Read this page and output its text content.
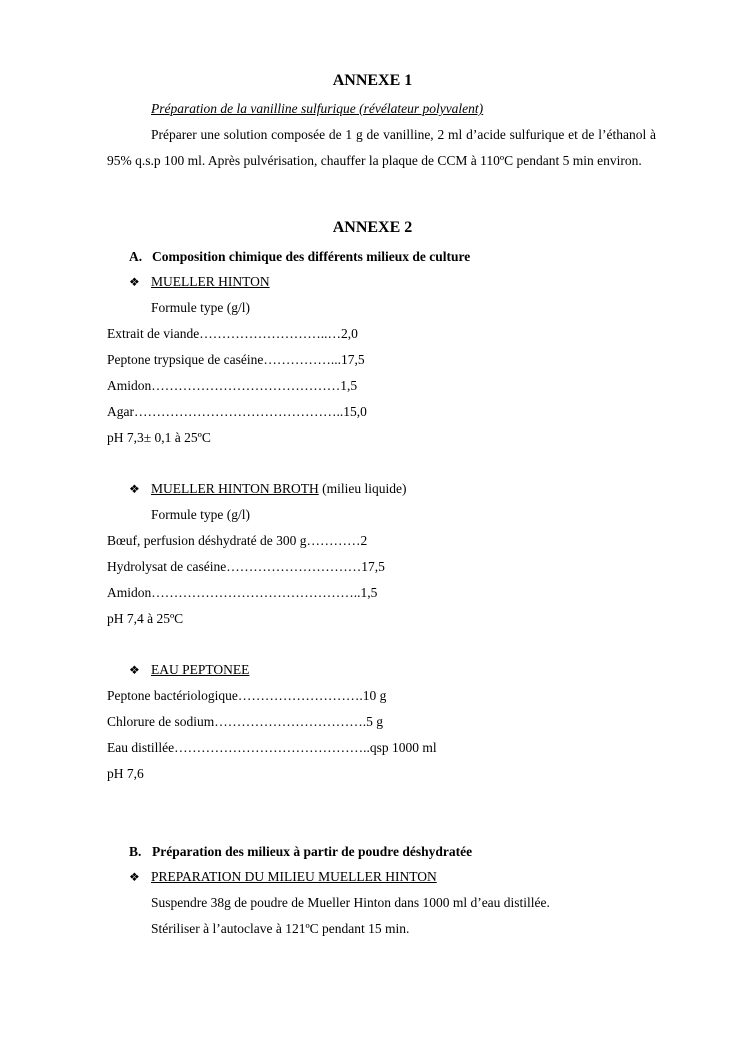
ANNEXE 1
Préparation de la vanilline sulfurique (révélateur polyvalent)
Préparer une solution composée de 1 g de vanilline, 2 ml d’acide sulfurique et de l’éthanol à 95% q.s.p 100 ml. Après pulvérisation, chauffer la plaque de CCM à 110ºC pendant 5 min environ.
ANNEXE 2
A. Composition chimique des différents milieux de culture
❖ MUELLER HINTON
Formule type (g/l)
Extrait de viande………………………..…2,0
Peptone trypsique de caséine……………...17,5
Amidon……………………………………1,5
Agar………………………………………..15,0
pH 7,3± 0,1 à 25ºC
❖ MUELLER HINTON BROTH (milieu liquide)
Formule type (g/l)
Bœuf, perfusion déshydraté de 300 g…………2
Hydrolysat de caséine…………………………17,5
Amidon………………………………………..1,5
pH 7,4 à 25ºC
❖ EAU PEPTONEE
Peptone bactériologique……………………….10 g
Chlorure de sodium…………………………….5 g
Eau distillée……………………………………..qsp 1000 ml
pH 7,6
B. Préparation des milieux à partir de poudre déshydratée
❖ PREPARATION DU MILIEU MUELLER HINTON
Suspendre 38g de poudre de Mueller Hinton dans 1000 ml d’eau distillée.
Stériliser à l’autoclave à 121ºC pendant 15 min.
